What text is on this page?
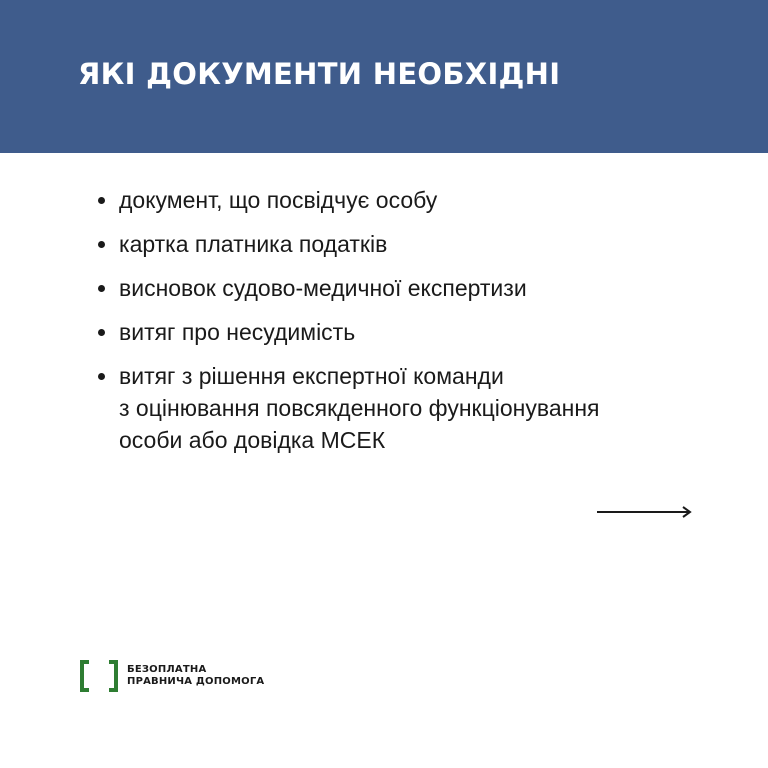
ЯКІ ДОКУМЕНТИ НЕОБХІДНІ
документ, що посвідчує особу
картка платника податків
висновок судово-медичної експертизи
витяг про несудимість
витяг з рішення експертної команди
з оцінювання повсякденного функціонування
особи або довідка МСЕК
БЕЗОПЛАТНА
ПРАВНИЧА ДОПОМОГА
